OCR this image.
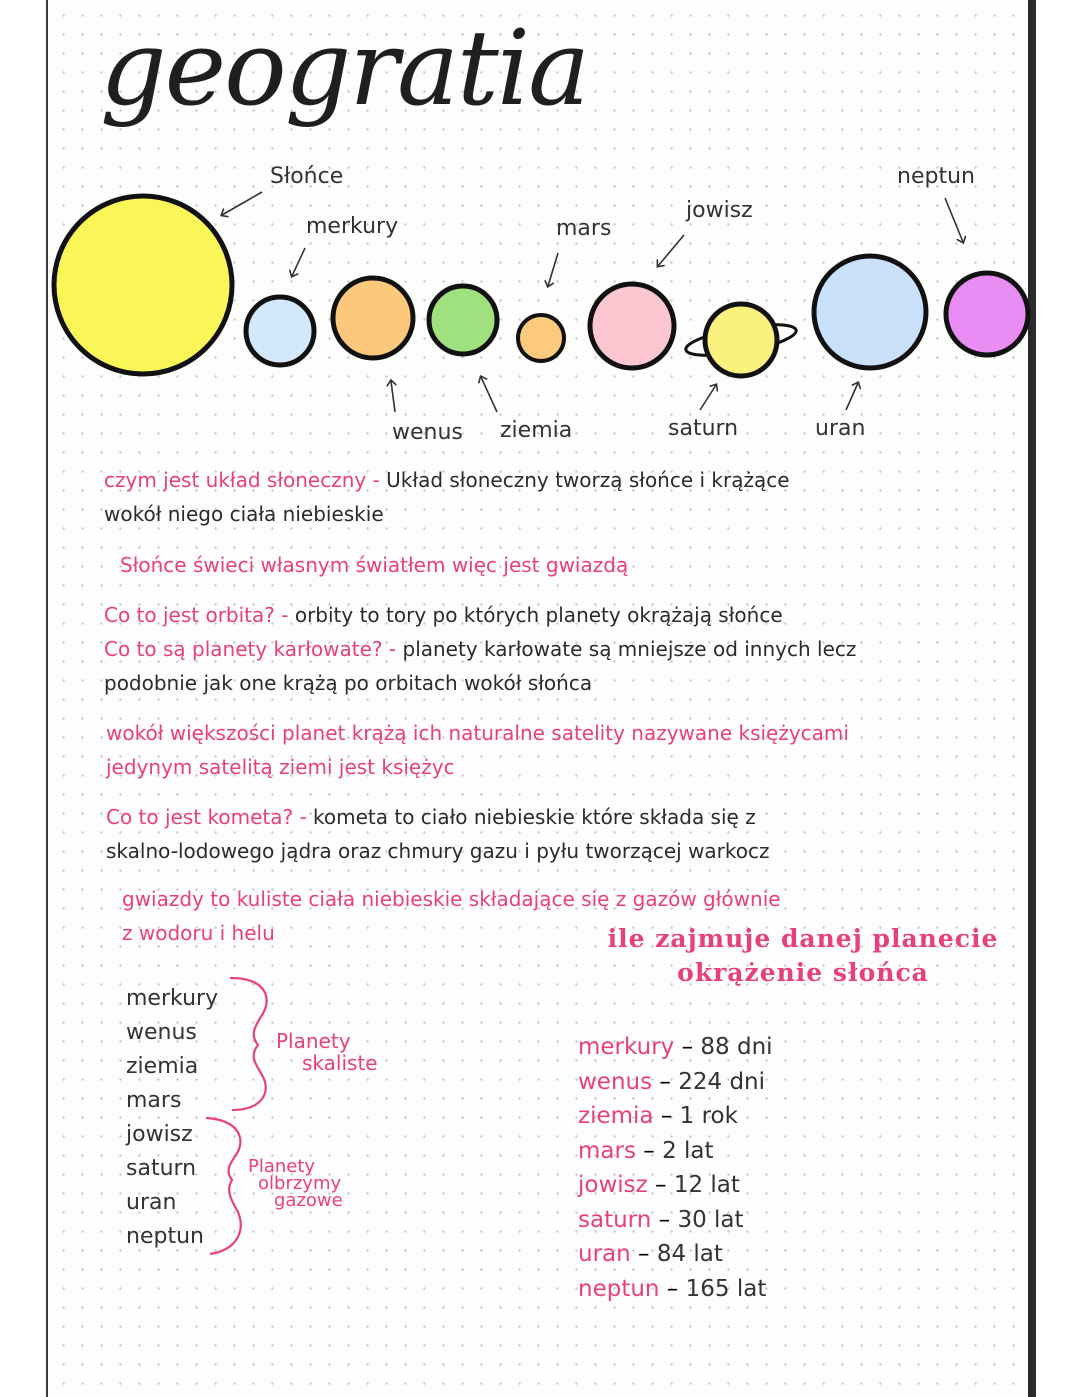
geogratia
Słońce
merkury	mars
jowisz
neptun
wenus ziemia	saturn	uran
czym jest układ słoneczny - Układ słoneczny tworzą słońce i krążące
wokół niego ciała niebieskie
Słońce świeci własnym światłem więc jest gwiazdą
Co to jest orbita? - orbity to tory po których planety okrążają słońce
Co to są planety karłowate? - planety karłowate są mniejsze od innych lecz
podobnie jak one krążą po orbitach wokół słońca
wokół większości planet krążą ich naturalne satelity nazywane księżycami
jedynym satelitą ziemi jest księżyc
Co to jest kometa? - kometa to ciało niebieskie które składa się z
skalno-lodowego jądra oraz chmury gazu i pyłu tworzącej warkocz
gwiazdy to kuliste ciała niebieskie składające się z gazów głównie
z wodoru i helu
merkury
wenus
ziemia
mars
jowisz
saturn
uran
neptun
Planety
skaliste
Planety
olbrzymy
gazowe
ile zajmuje danej planecie
okrążenie słońca
merkury – 88 dni
wenus – 224 dni
ziemia – 1 rok
mars – 2 lat
jowisz – 12 lat
saturn – 30 lat
uran – 84 lat
neptun – 165 lat
